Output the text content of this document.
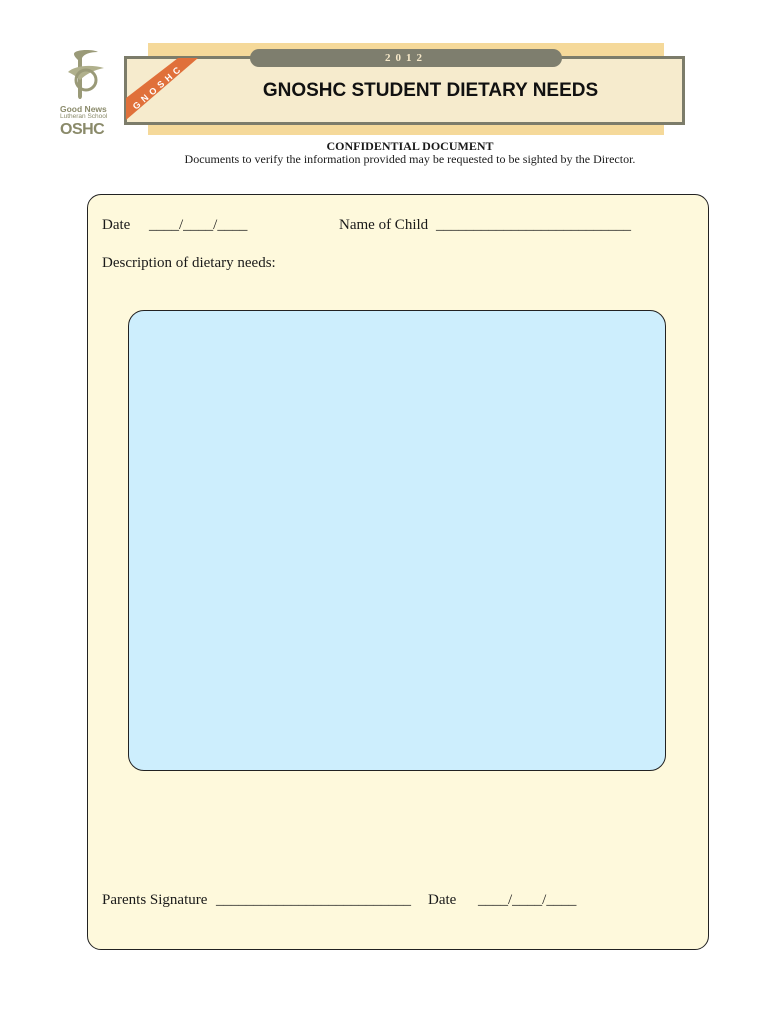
Good News
Lutheran School
OSHC
2012
GNOSHC	GNOSHC STUDENT DIETARY NEEDS
CONFIDENTIAL DOCUMENT
Documents to verify the information provided may be requested to be sighted by the Director.
Date ____/____/____	Name of Child __________________________
Description of dietary needs:
Parents Signature __________________________ Date ____/____/____
